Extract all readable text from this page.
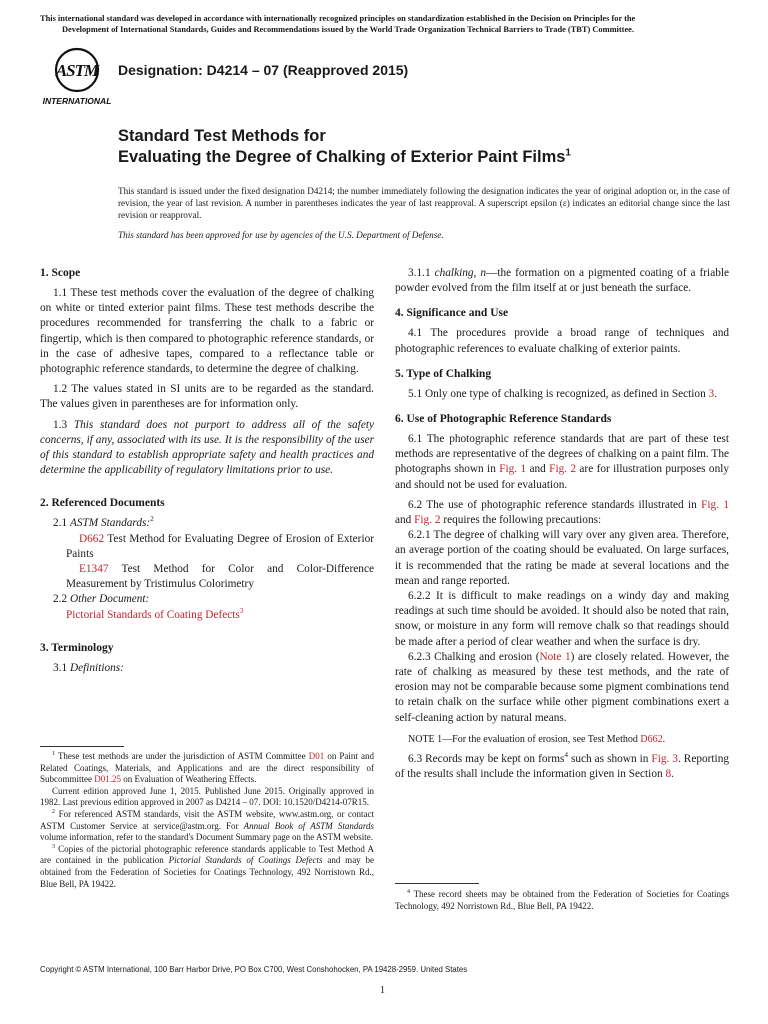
This international standard was developed in accordance with internationally recognized principles on standardization established in the Decision on Principles for the
Development of International Standards, Guides and Recommendations issued by the World Trade Organization Technical Barriers to Trade (TBT) Committee.
ASTM
INTERNATIONAL
Designation: D4214 – 07 (Reapproved 2015)
Standard Test Methods for
Evaluating the Degree of Chalking of Exterior Paint Films$^1$
This standard is issued under the fixed designation D4214; the number immediately following the designation indicates the year of original adoption or, in the case of revision, the year of last revision. A number in parentheses indicates the year of last reapproval. A superscript epsilon (ε) indicates an editorial change since the last revision or reapproval.
This standard has been approved for use by agencies of the U.S. Department of Defense.
1. Scope

1.1 These test methods cover the evaluation of the degree of chalking on white or tinted exterior paint films. These test methods describe the procedures recommended for transferring the chalk to a fabric or fingertip, which is then compared to photographic reference standards, or in the case of adhesive tapes, compared to a reflectance table or photographic reference standards, to determine the degree of chalking.

1.2 The values stated in SI units are to be regarded as the standard. The values given in parentheses are for information only.

1.3 This standard does not purport to address all of the safety concerns, if any, associated with its use. It is the responsibility of the user of this standard to establish appropriate safety and health practices and determine the applicability of regulatory limitations prior to use.

2. Referenced Documents

2.1 ASTM Standards:$^2$

D662 Test Method for Evaluating Degree of Erosion of Exterior Paints

E1347 Test Method for Color and Color-Difference Measurement by Tristimulus Colorimetry

2.2 Other Document:

Pictorial Standards of Coating Defects$^3$

3. Terminology

3.1 Definitions:

$^1$ These test methods are under the jurisdiction of ASTM Committee D01 on Paint and Related Coatings, Materials, and Applications and are the direct responsibility of Subcommittee D01.25 on Evaluation of Weathering Effects.

Current edition approved June 1, 2015. Published June 2015. Originally approved in 1982. Last previous edition approved in 2007 as D4214 – 07. DOI: 10.1520/D4214-07R15.

$^2$ For referenced ASTM standards, visit the ASTM website, www.astm.org, or contact ASTM Customer Service at service@astm.org. For Annual Book of ASTM Standards volume information, refer to the standard's Document Summary page on the ASTM website.

$^3$ Copies of the pictorial photographic reference standards applicable to Test Method A are contained in the publication Pictorial Standards of Coatings Defects and may be obtained from the Federation of Societies for Coatings Technology, 492 Norristown Rd., Blue Bell, PA 19422.

3.1.1 chalking, n—the formation on a pigmented coating of a friable powder evolved from the film itself at or just beneath the surface.

4. Significance and Use

4.1 The procedures provide a broad range of techniques and photographic references to evaluate chalking of exterior paints.

5. Type of Chalking

5.1 Only one type of chalking is recognized, as defined in Section 3.

6. Use of Photographic Reference Standards

6.1 The photographic reference standards that are part of these test methods are representative of the degrees of chalking on a paint film. The photographs shown in Fig. 1 and Fig. 2 are for illustration purposes only and should not be used for evaluation.

6.2 The use of photographic reference standards illustrated in Fig. 1 and Fig. 2 requires the following precautions:

6.2.1 The degree of chalking will vary over any given area. Therefore, an average portion of the coating should be evaluated. On large surfaces, it is recommended that the rating be made at several locations and the mean and range reported.

6.2.2 It is difficult to make readings on a windy day and making readings at such time should be avoided. It should also be noted that rain, snow, or moisture in any form will remove chalk so that readings should be made after a period of clear weather and when the surface is dry.

6.2.3 Chalking and erosion (Note 1) are closely related. However, the rate of chalking as measured by these test methods, and the rate of erosion may not be comparable because some pigment combinations tend to retain chalk on the surface while other pigment combinations exert a self-cleaning action by natural means.

NOTE 1—For the evaluation of erosion, see Test Method D662.

6.3 Records may be kept on forms$^4$ such as shown in Fig. 3. Reporting of the results shall include the information given in Section 8.

$^4$ These record sheets may be obtained from the Federation of Societies for Coatings Technology, 492 Norristown Rd., Blue Bell, PA 19422.

Copyright © ASTM International, 100 Barr Harbor Drive, PO Box C700, West Conshohocken, PA 19428-2959. United States
1
